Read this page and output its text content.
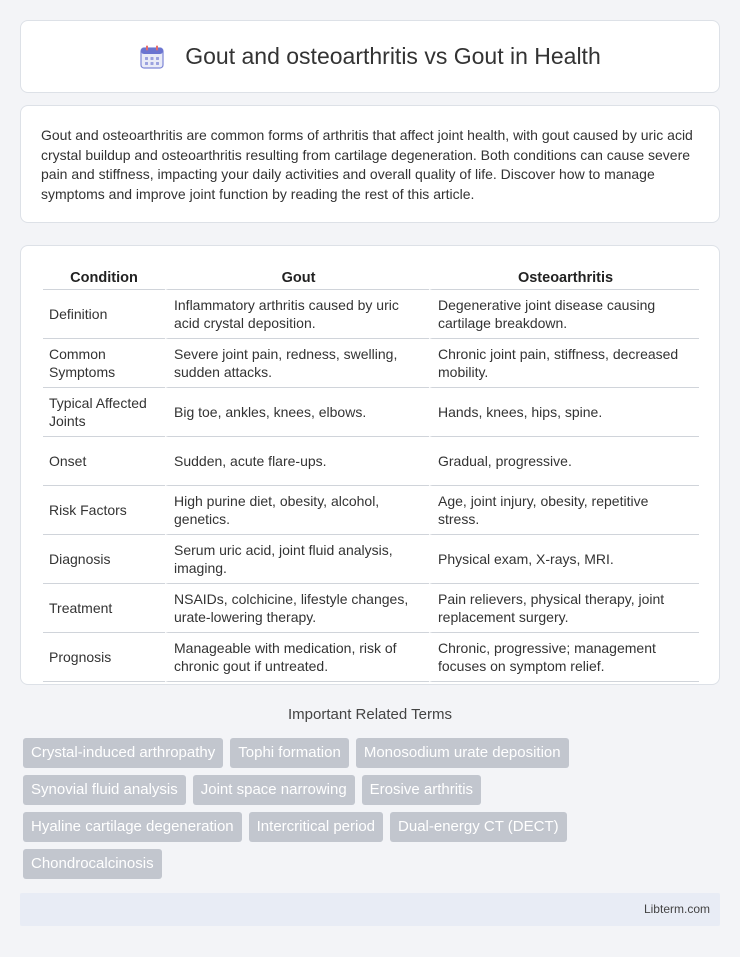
Gout and osteoarthritis vs Gout in Health

Gout and osteoarthritis are common forms of arthritis that affect joint health, with gout caused by uric acid crystal buildup and osteoarthritis resulting from cartilage degeneration. Both conditions can cause severe pain and stiffness, impacting your daily activities and overall quality of life. Discover how to manage symptoms and improve joint function by reading the rest of this article.

Condition	Gout	Osteoarthritis
Definition	Inflammatory arthritis caused by uric acid crystal deposition.	Degenerative joint disease causing cartilage breakdown.
Common Symptoms	Severe joint pain, redness, swelling, sudden attacks.	Chronic joint pain, stiffness, decreased mobility.
Typical Affected Joints	Big toe, ankles, knees, elbows.	Hands, knees, hips, spine.
Onset	Sudden, acute flare-ups.	Gradual, progressive.
Risk Factors	High purine diet, obesity, alcohol, genetics.	Age, joint injury, obesity, repetitive stress.
Diagnosis	Serum uric acid, joint fluid analysis, imaging.	Physical exam, X-rays, MRI.
Treatment	NSAIDs, colchicine, lifestyle changes, urate-lowering therapy.	Pain relievers, physical therapy, joint replacement surgery.
Prognosis	Manageable with medication, risk of chronic gout if untreated.	Chronic, progressive; management focuses on symptom relief.
Important Related Terms
Crystal-induced arthropathy	Tophi formation	Monosodium urate deposition
Synovial fluid analysis	Joint space narrowing	Erosive arthritis
Hyaline cartilage degeneration	Intercritical period	Dual-energy CT (DECT)
Chondrocalcinosis
Libterm.com
